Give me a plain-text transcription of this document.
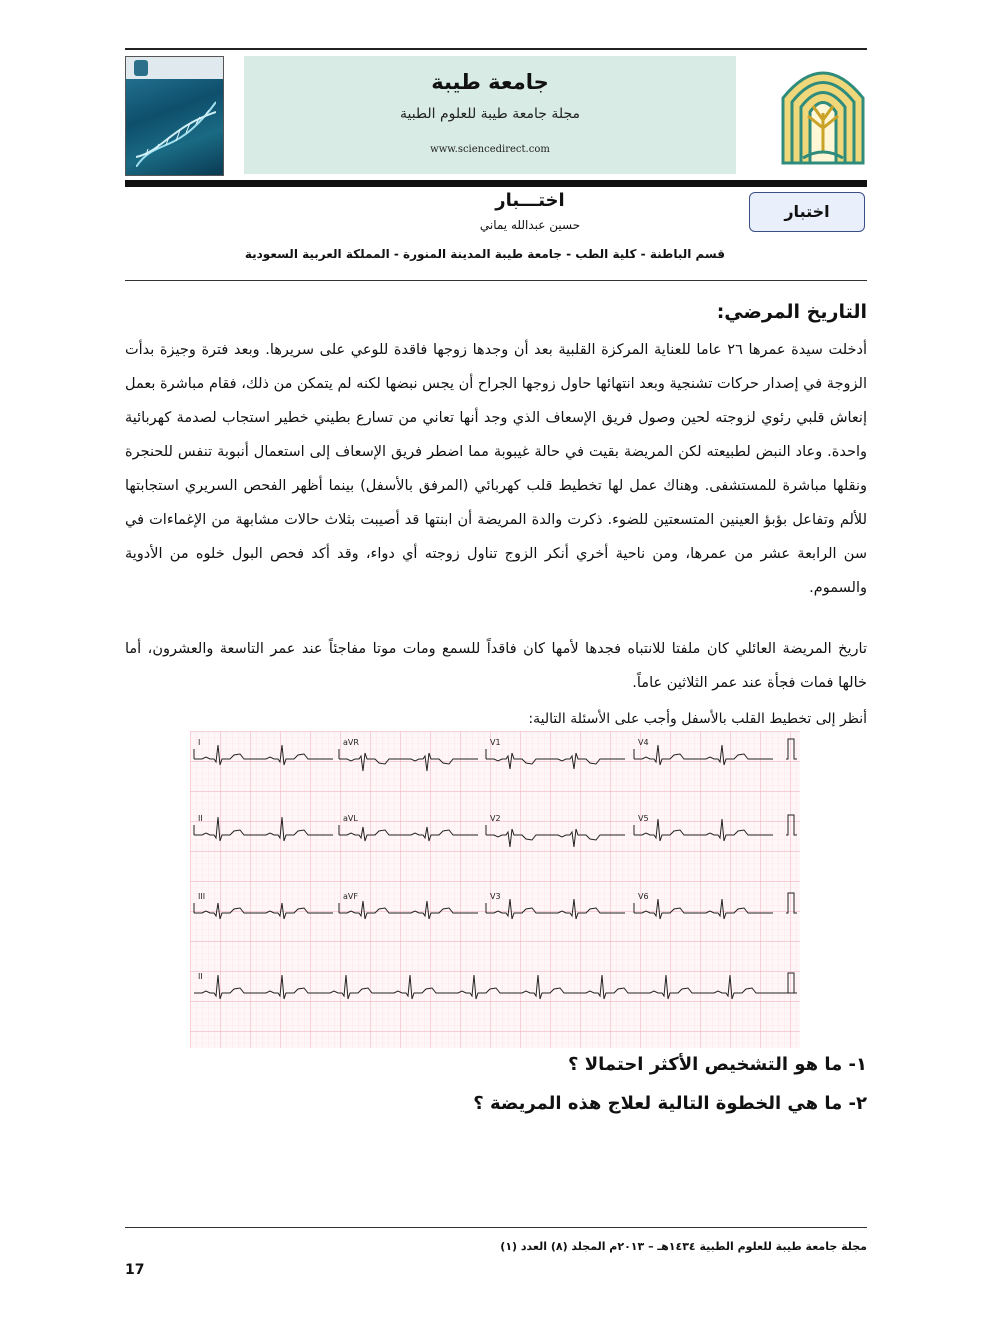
جامعة طيبة
مجلة جامعة طيبة للعلوم الطبية
www.sciencedirect.com
اختبار
اختـــبار
حسين عبدالله يماني
قسم الباطنة - كلية الطب - جامعة طيبة المدينة المنورة - المملكة العربية السعودية
التاريخ المرضي:
أدخلت سيدة عمرها ٢٦ عاما للعناية المركزة القلبية بعد أن وجدها زوجها فاقدة للوعي على سريرها. وبعد فترة وجيزة بدأت الزوجة في إصدار حركات تشنجية وبعد انتهائها حاول زوجها الجراح أن يجس نبضها لكنه لم يتمكن من ذلك، فقام مباشرة بعمل إنعاش قلبي رئوي لزوجته لحين وصول فريق الإسعاف الذي وجد أنها تعاني من تسارع بطيني خطير استجاب لصدمة كهربائية واحدة. وعاد النبض لطبيعته لكن المريضة بقيت في حالة غيبوبة مما اضطر فريق الإسعاف إلى استعمال أنبوبة تنفس للحنجرة ونقلها مباشرة للمستشفى. وهناك عمل لها تخطيط قلب كهربائي (المرفق بالأسفل) بينما أظهر الفحص السريري استجابتها للألم وتفاعل بؤبؤ العينين المتسعتين للضوء. ذكرت والدة المريضة أن ابنتها قد أصيبت بثلاث حالات مشابهة من الإغماءات في سن الرابعة عشر من عمرها، ومن ناحية أخري أنكر الزوج تناول زوجته أي دواء، وقد أكد فحص البول خلوه من الأدوية والسموم.
تاريخ المريضة العائلي كان ملفتا للانتباه فجدها لأمها كان فاقداً للسمع ومات موتا مفاجئاً عند عمر التاسعة والعشرون، أما خالها فمات فجأة عند عمر الثلاثين عاماً.
أنظر إلى تخطيط القلب بالأسفل وأجب على الأسئلة التالية:
I	aVR	V1	V4
II	aVL	V2	V5
III	aVF	V3	V6
II
١- ما هو التشخيص الأكثر احتمالا ؟
٢- ما هي الخطوة التالية لعلاج هذه المريضة ؟
مجلة جامعة طيبة للعلوم الطبية ١٤٣٤هـ – ٢٠١٣م المجلد (٨) العدد (١)
17
